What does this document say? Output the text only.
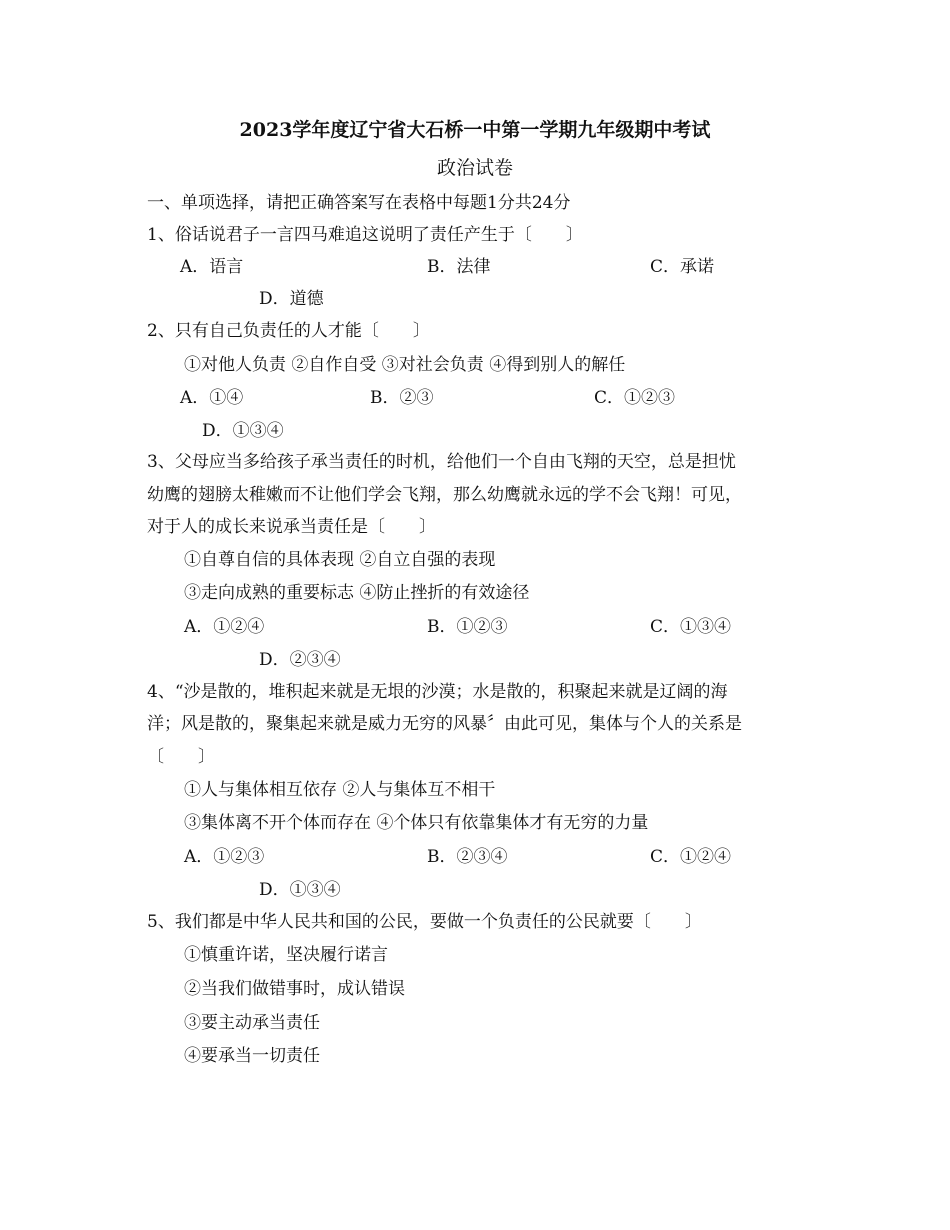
2023学年度辽宁省大石桥一中第一学期九年级期中考试
政治试卷
一、单项选择，请把正确答案写在表格中每题1分共24分
1、俗话说君子一言四马难追这说明了责任产生于〔　　〕
A．语言	B．法律	C．承诺
D．道德
2、只有自己负责任的人才能〔　　〕
①对他人负责 ②自作自受 ③对社会负责 ④得到别人的解任
A．①④	B．②③	C．①②③
D．①③④
3、父母应当多给孩子承当责任的时机，给他们一个自由飞翔的天空，总是担忧
幼鹰的翅膀太稚嫩而不让他们学会飞翔，那么幼鹰就永远的学不会飞翔！可见，
对于人的成长来说承当责任是〔　　〕
①自尊自信的具体表现 ②自立自强的表现
③走向成熟的重要标志 ④防止挫折的有效途径
A．①②④	B．①②③	C．①③④
D．②③④
4、“沙是散的，堆积起来就是无垠的沙漠；水是散的，积聚起来就是辽阔的海
洋；风是散的，聚集起来就是威力无穷的风暴〞由此可见，集体与个人的关系是
〔　　〕
①人与集体相互依存 ②人与集体互不相干
③集体离不开个体而存在 ④个体只有依靠集体才有无穷的力量
A．①②③	B．②③④	C．①②④
D．①③④
5、我们都是中华人民共和国的公民，要做一个负责任的公民就要〔　　〕
①慎重许诺，坚决履行诺言
②当我们做错事时，成认错误
③要主动承当责任
④要承当一切责任
